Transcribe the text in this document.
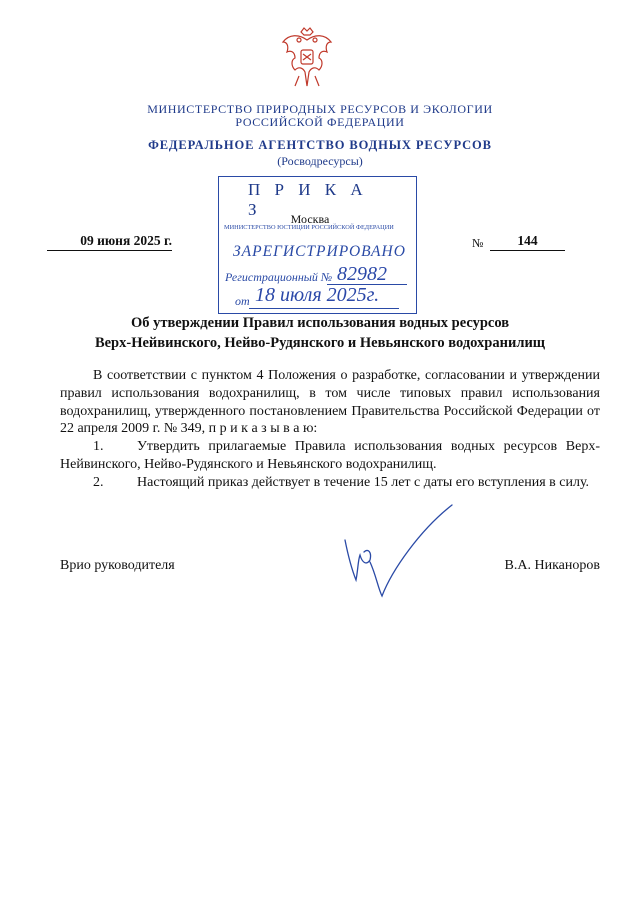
МИНИСТЕРСТВО ПРИРОДНЫХ РЕСУРСОВ И ЭКОЛОГИИ
РОССИЙСКОЙ ФЕДЕРАЦИИ
ФЕДЕРАЛЬНОЕ АГЕНТСТВО ВОДНЫХ РЕСУРСОВ
(Росводресурсы)
МИНИСТЕРСТВО ЮСТИЦИИ РОССИЙСКОЙ ФЕДЕРАЦИИ
ЗАРЕГИСТРИРОВАНО
Регистрационный № 82982
от 18 июля 2025г.
П Р И К А З	Москва
09 июня 2025 г.	№	144
Об утверждении Правил использования водных ресурсов
Верх-Нейвинского, Нейво-Рудянского и Невьянского водохранилищ

В соответствии с пунктом 4 Положения о разработке, согласовании и утверждении правил использования водохранилищ, в том числе типовых правил использования водохранилищ, утвержденного постановлением Правительства Российской Федерации от 22 апреля 2009 г. № 349, п р и к а з ы в а ю:

1. Утвердить прилагаемые Правила использования водных ресурсов Верх-Нейвинского, Нейво-Рудянского и Невьянского водохранилищ.

2. Настоящий приказ действует в течение 15 лет с даты его вступления в силу.

Врио руководителя	В.А. Никаноров
